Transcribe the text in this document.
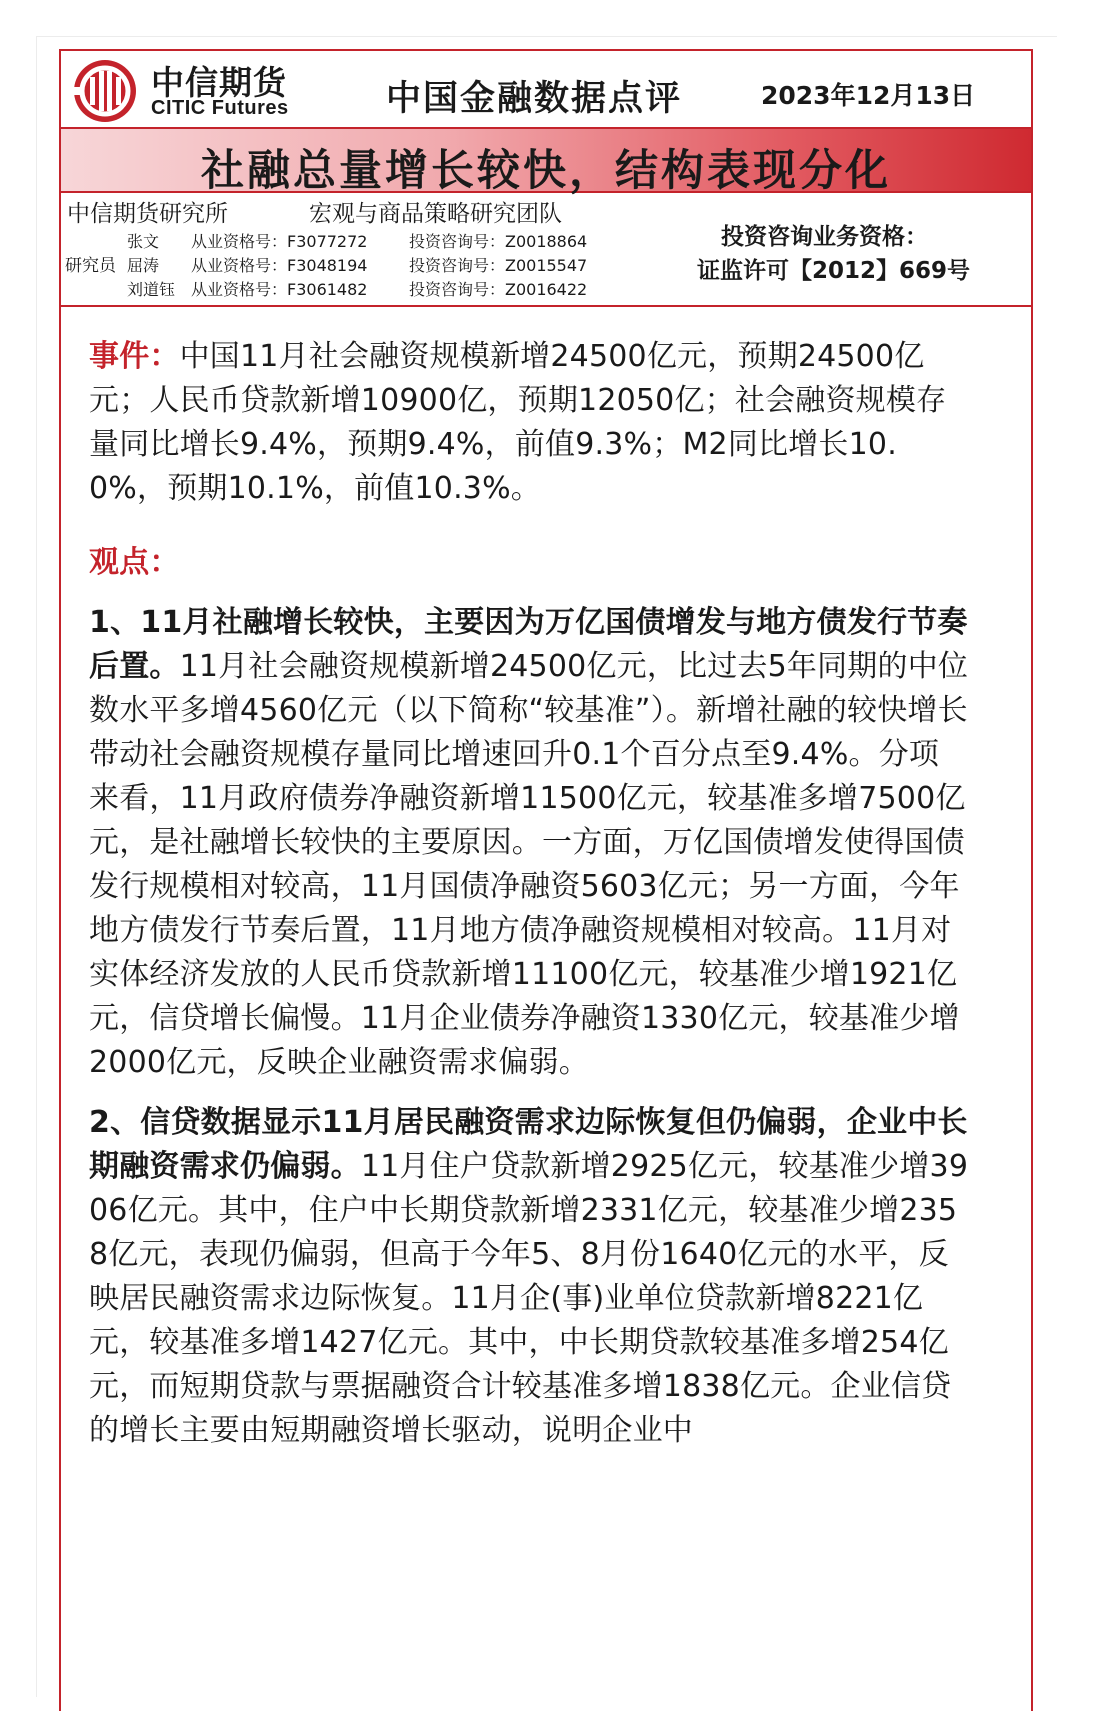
中信期货
CITIC Futures	中国金融数据点评	2023年12月13日
社融总量增长较快，结构表现分化
中信期货研究所	宏观与商品策略研究团队
研究员
张文 从业资格号：F3077272	投资咨询号：Z0018864
屈涛 从业资格号：F3048194	投资咨询号：Z0015547
刘道钰 从业资格号：F3061482	投资咨询号：Z0016422
投资咨询业务资格：
证监许可【2012】669号

事件：中国11月社会融资规模新增24500亿元，预期24500亿元；人民币贷款新增10900亿，预期12050亿；社会融资规模存量同比增长9.4%，预期9.4%，前值9.3%；M2同比增长10.0%，预期10.1%，前值10.3%。

观点：

1、11月社融增长较快，主要因为万亿国债增发与地方债发行节奏后置。11月社会融资规模新增24500亿元，比过去5年同期的中位数水平多增4560亿元（以下简称“较基准”）。新增社融的较快增长带动社会融资规模存量同比增速回升0.1个百分点至9.4%。分项来看，11月政府债券净融资新增11500亿元，较基准多增7500亿元，是社融增长较快的主要原因。一方面，万亿国债增发使得国债发行规模相对较高，11月国债净融资5603亿元；另一方面，今年地方债发行节奏后置，11月地方债净融资规模相对较高。11月对实体经济发放的人民币贷款新增11100亿元，较基准少增1921亿元，信贷增长偏慢。11月企业债券净融资1330亿元，较基准少增2000亿元，反映企业融资需求偏弱。

2、信贷数据显示11月居民融资需求边际恢复但仍偏弱，企业中长期融资需求仍偏弱。11月住户贷款新增2925亿元，较基准少增3906亿元。其中，住户中长期贷款新增2331亿元，较基准少增2358亿元，表现仍偏弱，但高于今年5、8月份1640亿元的水平，反映居民融资需求边际恢复。11月企(事)业单位贷款新增8221亿元，较基准多增1427亿元。其中，中长期贷款较基准多增254亿元，而短期贷款与票据融资合计较基准多增1838亿元。企业信贷的增长主要由短期融资增长驱动，说明企业中
